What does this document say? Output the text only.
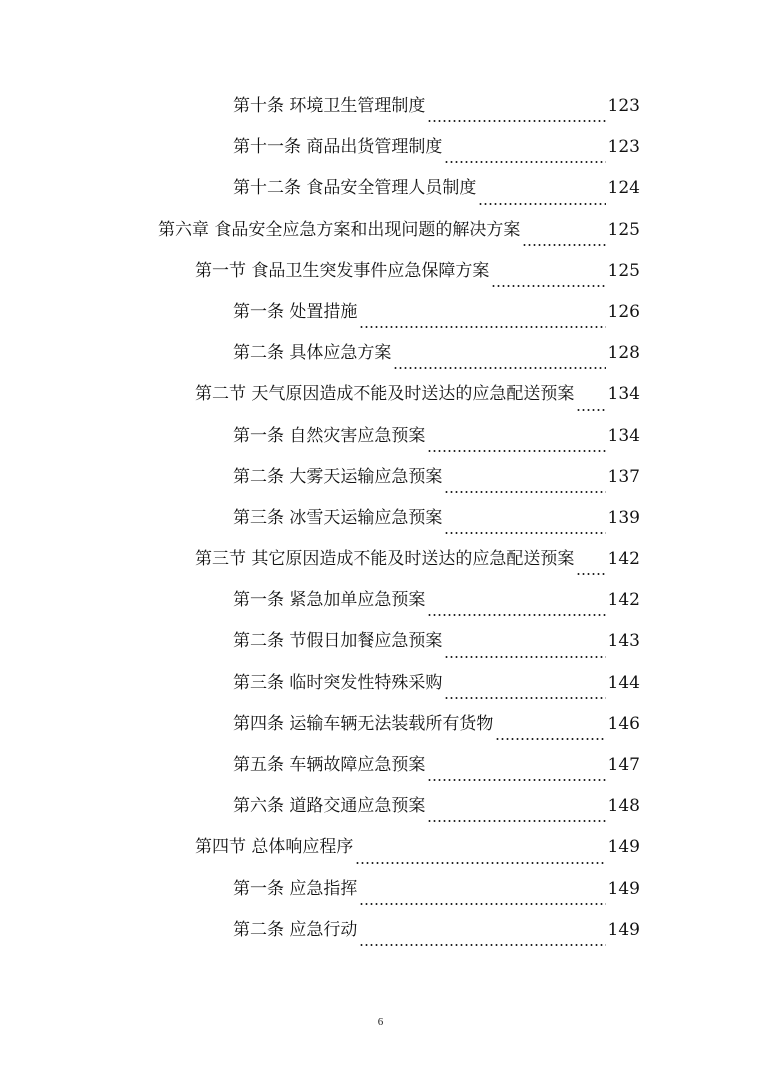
第十条 环境卫生管理制度	123
第十一条 商品出货管理制度	123
第十二条 食品安全管理人员制度	124
第六章 食品安全应急方案和出现问题的解决方案	125
第一节 食品卫生突发事件应急保障方案	125
第一条 处置措施	126
第二条 具体应急方案	128
第二节 天气原因造成不能及时送达的应急配送预案 134
第一条 自然灾害应急预案	134
第二条 大雾天运输应急预案	137
第三条 冰雪天运输应急预案	139
第三节 其它原因造成不能及时送达的应急配送预案 142
第一条 紧急加单应急预案	142
第二条 节假日加餐应急预案	143
第三条 临时突发性特殊采购	144
第四条 运输车辆无法装载所有货物	146
第五条 车辆故障应急预案	147
第六条 道路交通应急预案	148
第四节 总体响应程序	149
第一条 应急指挥	149
第二条 应急行动	149
6
